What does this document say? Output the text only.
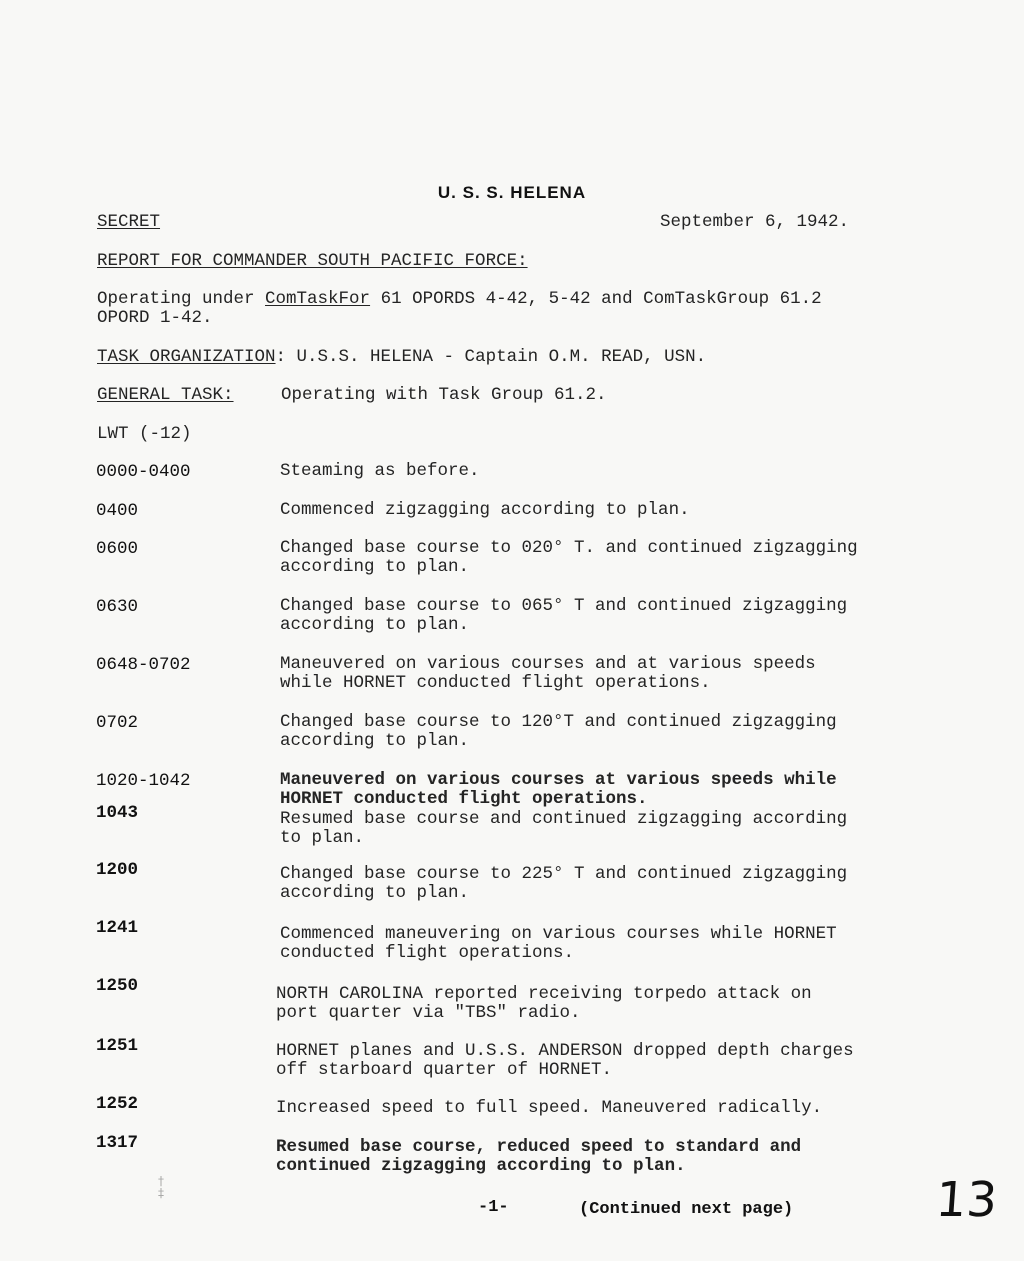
U. S. S. HELENA
SECRET	September 6, 1942.
REPORT FOR COMMANDER SOUTH PACIFIC FORCE:
Operating under ComTaskFor 61 OPORDS 4-42, 5-42 and ComTaskGroup 61.2
OPORD 1-42.
TASK ORGANIZATION: U.S.S. HELENA - Captain O.M. READ, USN.
GENERAL TASK:	Operating with Task Group 61.2.
LWT (-12)
0000-0400	Steaming as before.
0400	Commenced zigzagging according to plan.
0600	Changed base course to 020° T. and continued zigzagging
according to plan.
0630	Changed base course to 065° T and continued zigzagging
according to plan.
0648-0702	Maneuvered on various courses and at various speeds
while HORNET conducted flight operations.
0702	Changed base course to 120°T and continued zigzagging
according to plan.
1020-1042	Maneuvered on various courses at various speeds while
HORNET conducted flight operations.
1043	Resumed base course and continued zigzagging according
to plan.
1200	Changed base course to 225° T and continued zigzagging
according to plan.
1241	Commenced maneuvering on various courses while HORNET
conducted flight operations.
1250	NORTH CAROLINA reported receiving torpedo attack on
port quarter via "TBS" radio.
1251	HORNET planes and U.S.S. ANDERSON dropped depth charges
off starboard quarter of HORNET.
1252	Increased speed to full speed. Maneuvered radically.
1317	Resumed base course, reduced speed to standard and
continued zigzagging according to plan.
†
‡
-1-	(Continued next page)	13
